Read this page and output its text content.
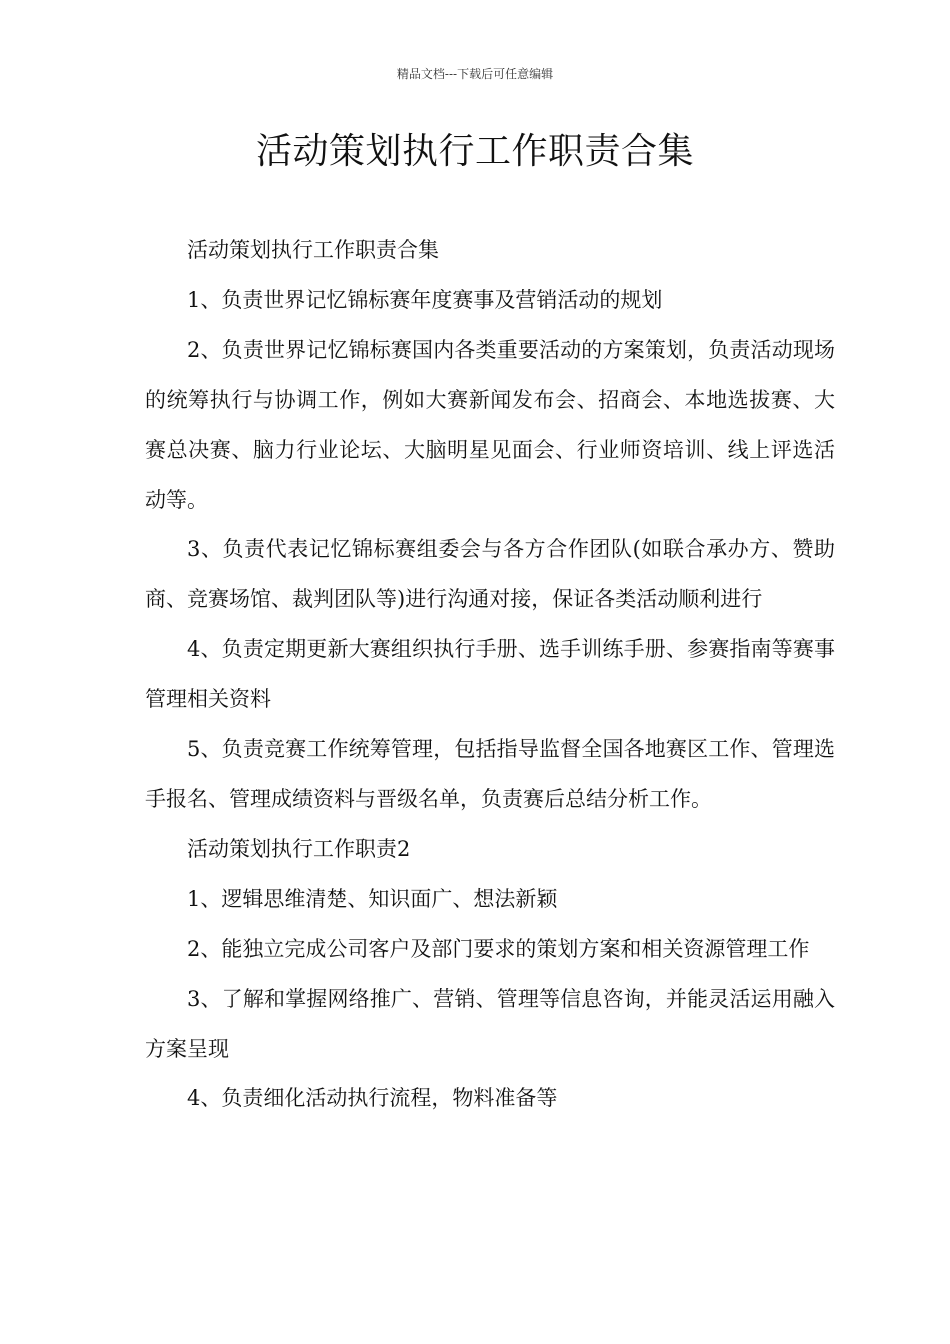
精品文档---下载后可任意编辑
活动策划执行工作职责合集

活动策划执行工作职责合集

1、负责世界记忆锦标赛年度赛事及营销活动的规划

2、负责世界记忆锦标赛国内各类重要活动的方案策划，负责活动现场的统筹执行与协调工作，例如大赛新闻发布会、招商会、本地选拔赛、大赛总决赛、脑力行业论坛、大脑明星见面会、行业师资培训、线上评选活动等。

3、负责代表记忆锦标赛组委会与各方合作团队(如联合承办方、赞助商、竞赛场馆、裁判团队等)进行沟通对接，保证各类活动顺利进行

4、负责定期更新大赛组织执行手册、选手训练手册、参赛指南等赛事管理相关资料

5、负责竞赛工作统筹管理，包括指导监督全国各地赛区工作、管理选手报名、管理成绩资料与晋级名单，负责赛后总结分析工作。

活动策划执行工作职责2

1、逻辑思维清楚、知识面广、想法新颖

2、能独立完成公司客户及部门要求的策划方案和相关资源管理工作

3、了解和掌握网络推广、营销、管理等信息咨询，并能灵活运用融入方案呈现

4、负责细化活动执行流程，物料准备等
